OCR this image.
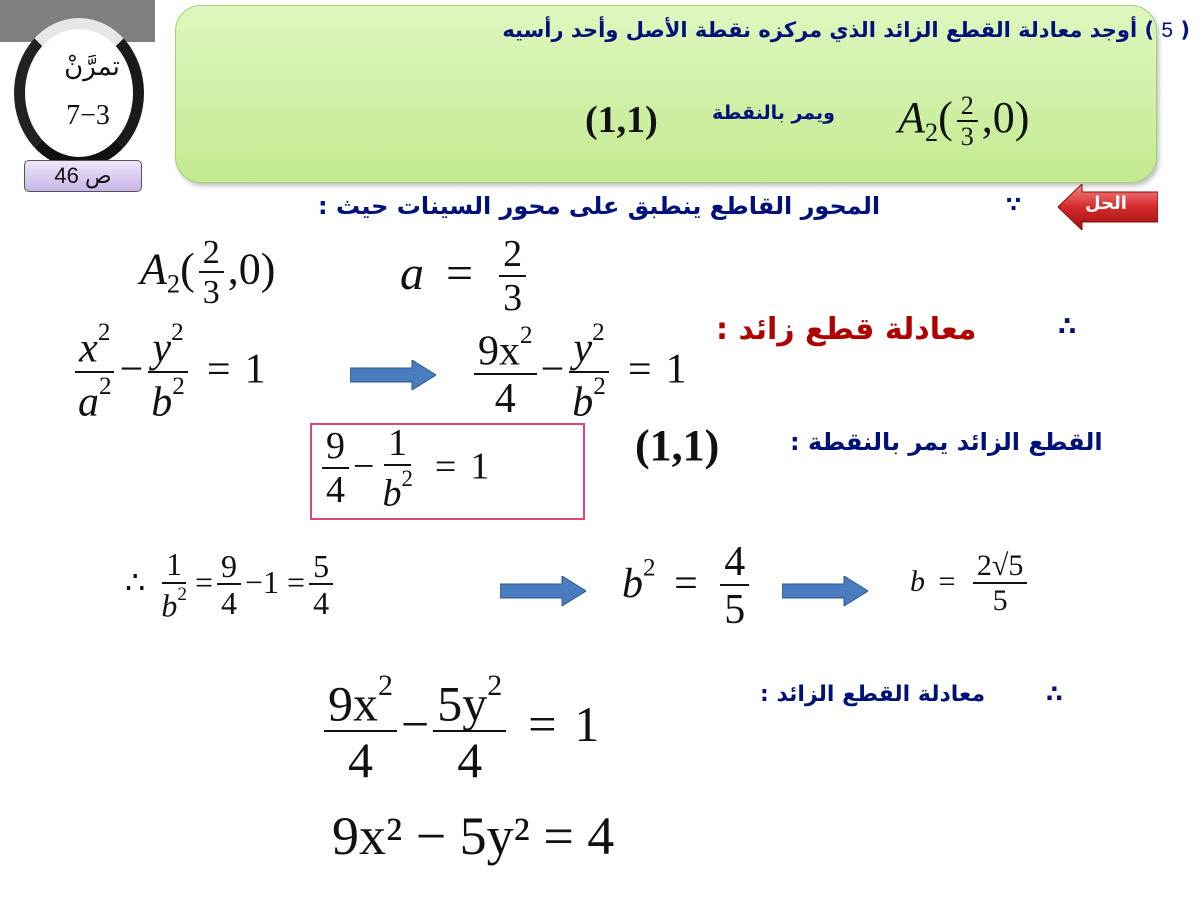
تمرَّنْ
7−3
ص 46
( 5 ) أوجد معادلة القطع الزائد الذي مركزه نقطة الأصل وأحد رأسيه
$A_2( \frac{2}{3} ,0)$
ويمر بالنقطة
(1,1)
الحل
∵
المحور القاطع ينطبق على محور السينات حيث :
$A_2( \frac{2}{3} ,0)$	$a = \frac{2}{3}$
∴
معادلة قطع زائد :
$\frac{x^2}{a^2} - \frac{y^2}{b^2} = 1$	$\frac{9x^2}{4} - \frac{y^2}{b^2} = 1$
$\frac{9}{4} - \frac{1}{b^2} = 1$	(1,1)	القطع الزائد يمر بالنقطة :
∴ $\frac{1}{b^2} = \frac{9}{4} -1 = \frac{5}{4}$	$b^2 = \frac{4}{5}$	$b = \frac{2√5}{5}$
∴
معادلة القطع الزائد :
$\frac{9x^2}{4} - \frac{5y^2}{4} = 1$
9x² − 5y² = 4
